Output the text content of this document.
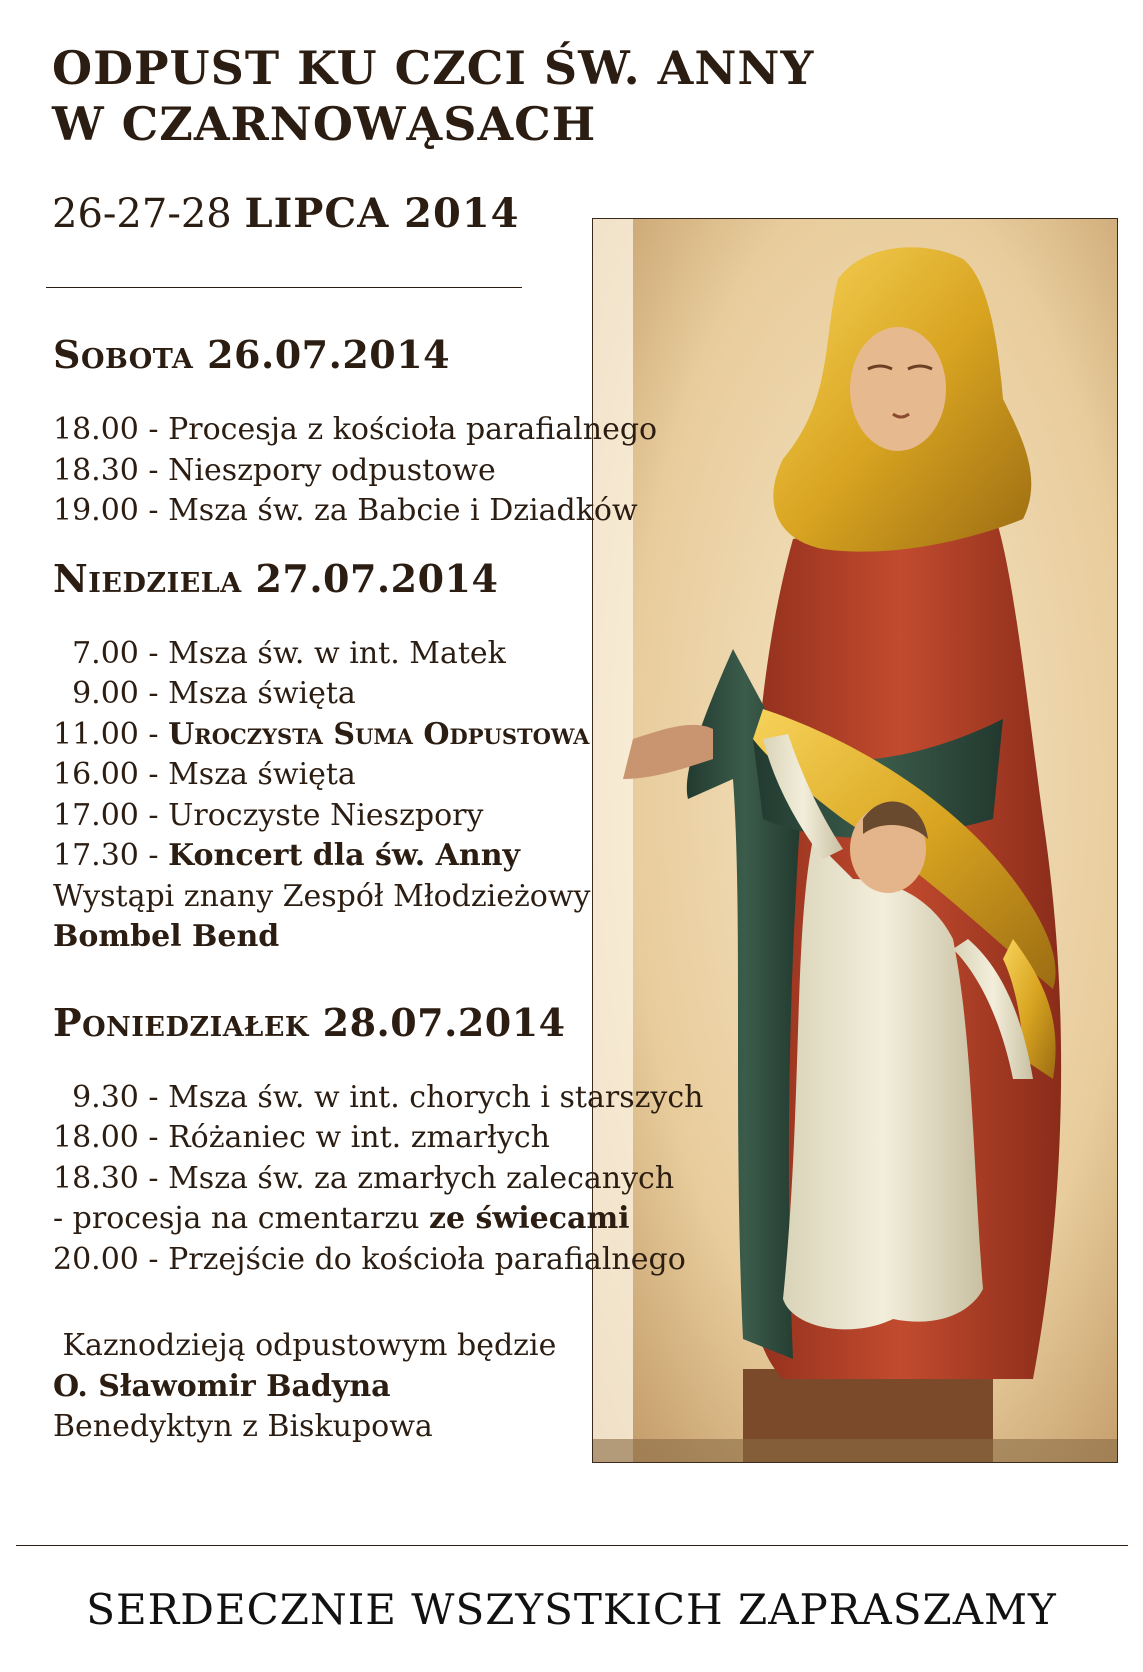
ODPUST KU CZCI ŚW. ANNY
W CZARNOWĄSACH
26-27-28 LIPCA 2014
Sobota 26.07.2014
18.00 - Procesja z kościoła parafialnego
18.30 - Nieszpory odpustowe
19.00 - Msza św. za Babcie i Dziadków
Niedziela 27.07.2014
7.00 - Msza św. w int. Matek
9.00 - Msza święta
11.00 - Uroczysta Suma Odpustowa
16.00 - Msza święta
17.00 - Uroczyste Nieszpory
17.30 - Koncert dla św. Anny
Wystąpi znany Zespół Młodzieżowy
Bombel Bend
Poniedziałek 28.07.2014
9.30 - Msza św. w int. chorych i starszych
18.00 - Różaniec w int. zmarłych
18.30 - Msza św. za zmarłych zalecanych
- procesja na cmentarzu ze świecami
20.00 - Przejście do kościoła parafialnego
Kaznodzieją odpustowym będzie
O. Sławomir Badyna
Benedyktyn z Biskupowa
SERDECZNIE WSZYSTKICH ZAPRASZAMY
